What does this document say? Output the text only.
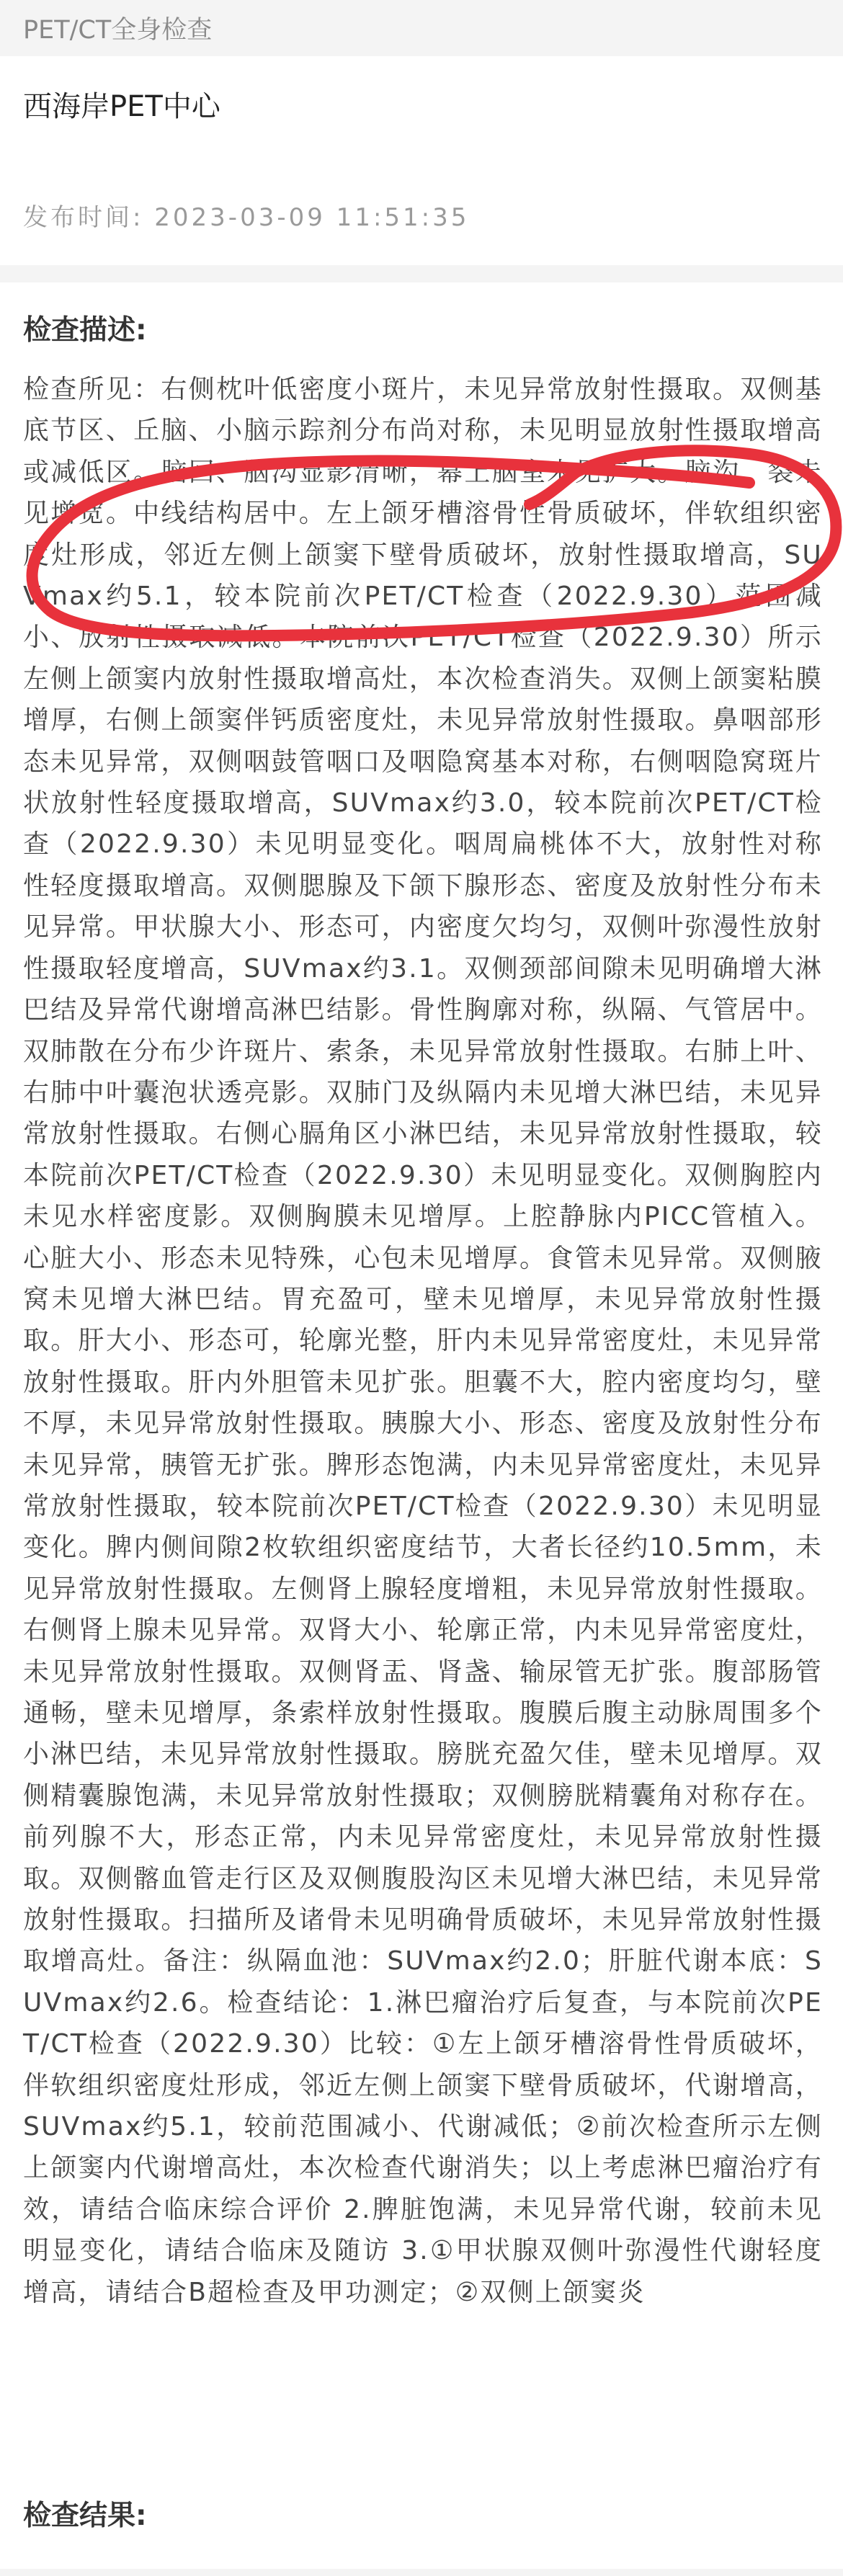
PET/CT全身检查
西海岸PET中心
发布时间: 2023-03-09 11:51:35
检查描述:
检查所见：右侧枕叶低密度小斑片，未见异常放射性摄取。双侧基底节区、丘脑、小脑示踪剂分布尚对称，未见明显放射性摄取增高或减低区。脑回、脑沟显影清晰，幕上脑室未见扩大。脑沟、裂未见增宽。中线结构居中。左上颌牙槽溶骨性骨质破坏，伴软组织密度灶形成，邻近左侧上颌窦下壁骨质破坏，放射性摄取增高，SUVmax约5.1，较本院前次PET/CT检查（2022.9.30）范围减小、放射性摄取减低。本院前次PET/CT检查（2022.9.30）所示左侧上颌窦内放射性摄取增高灶，本次检查消失。双侧上颌窦粘膜增厚，右侧上颌窦伴钙质密度灶，未见异常放射性摄取。鼻咽部形态未见异常，双侧咽鼓管咽口及咽隐窝基本对称，右侧咽隐窝斑片状放射性轻度摄取增高，SUVmax约3.0，较本院前次PET/CT检查（2022.9.30）未见明显变化。咽周扁桃体不大，放射性对称性轻度摄取增高。双侧腮腺及下颌下腺形态、密度及放射性分布未见异常。甲状腺大小、形态可，内密度欠均匀，双侧叶弥漫性放射性摄取轻度增高，SUVmax约3.1。双侧颈部间隙未见明确增大淋巴结及异常代谢增高淋巴结影。骨性胸廓对称，纵隔、气管居中。双肺散在分布少许斑片、索条，未见异常放射性摄取。右肺上叶、右肺中叶囊泡状透亮影。双肺门及纵隔内未见增大淋巴结，未见异常放射性摄取。右侧心膈角区小淋巴结，未见异常放射性摄取，较本院前次PET/CT检查（2022.9.30）未见明显变化。双侧胸腔内未见水样密度影。双侧胸膜未见增厚。上腔静脉内PICC管植入。心脏大小、形态未见特殊，心包未见增厚。食管未见异常。双侧腋窝未见增大淋巴结。胃充盈可，壁未见增厚，未见异常放射性摄取。肝大小、形态可，轮廓光整，肝内未见异常密度灶，未见异常放射性摄取。肝内外胆管未见扩张。胆囊不大，腔内密度均匀，壁不厚，未见异常放射性摄取。胰腺大小、形态、密度及放射性分布未见异常，胰管无扩张。脾形态饱满，内未见异常密度灶，未见异常放射性摄取，较本院前次PET/CT检查（2022.9.30）未见明显变化。脾内侧间隙2枚软组织密度结节，大者长径约10.5mm，未见异常放射性摄取。左侧肾上腺轻度增粗，未见异常放射性摄取。右侧肾上腺未见异常。双肾大小、轮廓正常，内未见异常密度灶，未见异常放射性摄取。双侧肾盂、肾盏、输尿管无扩张。腹部肠管通畅，壁未见增厚，条索样放射性摄取。腹膜后腹主动脉周围多个小淋巴结，未见异常放射性摄取。膀胱充盈欠佳，壁未见增厚。双侧精囊腺饱满，未见异常放射性摄取；双侧膀胱精囊角对称存在。前列腺不大，形态正常，内未见异常密度灶，未见异常放射性摄取。双侧髂血管走行区及双侧腹股沟区未见增大淋巴结，未见异常放射性摄取。扫描所及诸骨未见明确骨质破坏，未见异常放射性摄取增高灶。备注：纵隔血池：SUVmax约2.0；肝脏代谢本底：SUVmax约2.6。检查结论：1.淋巴瘤治疗后复查，与本院前次PET/CT检查（2022.9.30）比较：①左上颌牙槽溶骨性骨质破坏，伴软组织密度灶形成，邻近左侧上颌窦下壁骨质破坏，代谢增高，SUVmax约5.1，较前范围减小、代谢减低；②前次检查所示左侧上颌窦内代谢增高灶，本次检查代谢消失；以上考虑淋巴瘤治疗有效，请结合临床综合评价 2.脾脏饱满，未见异常代谢，较前未见明显变化，请结合临床及随访 3.①甲状腺双侧叶弥漫性代谢轻度增高，请结合B超检查及甲功测定；②双侧上颌窦炎
检查结果:
